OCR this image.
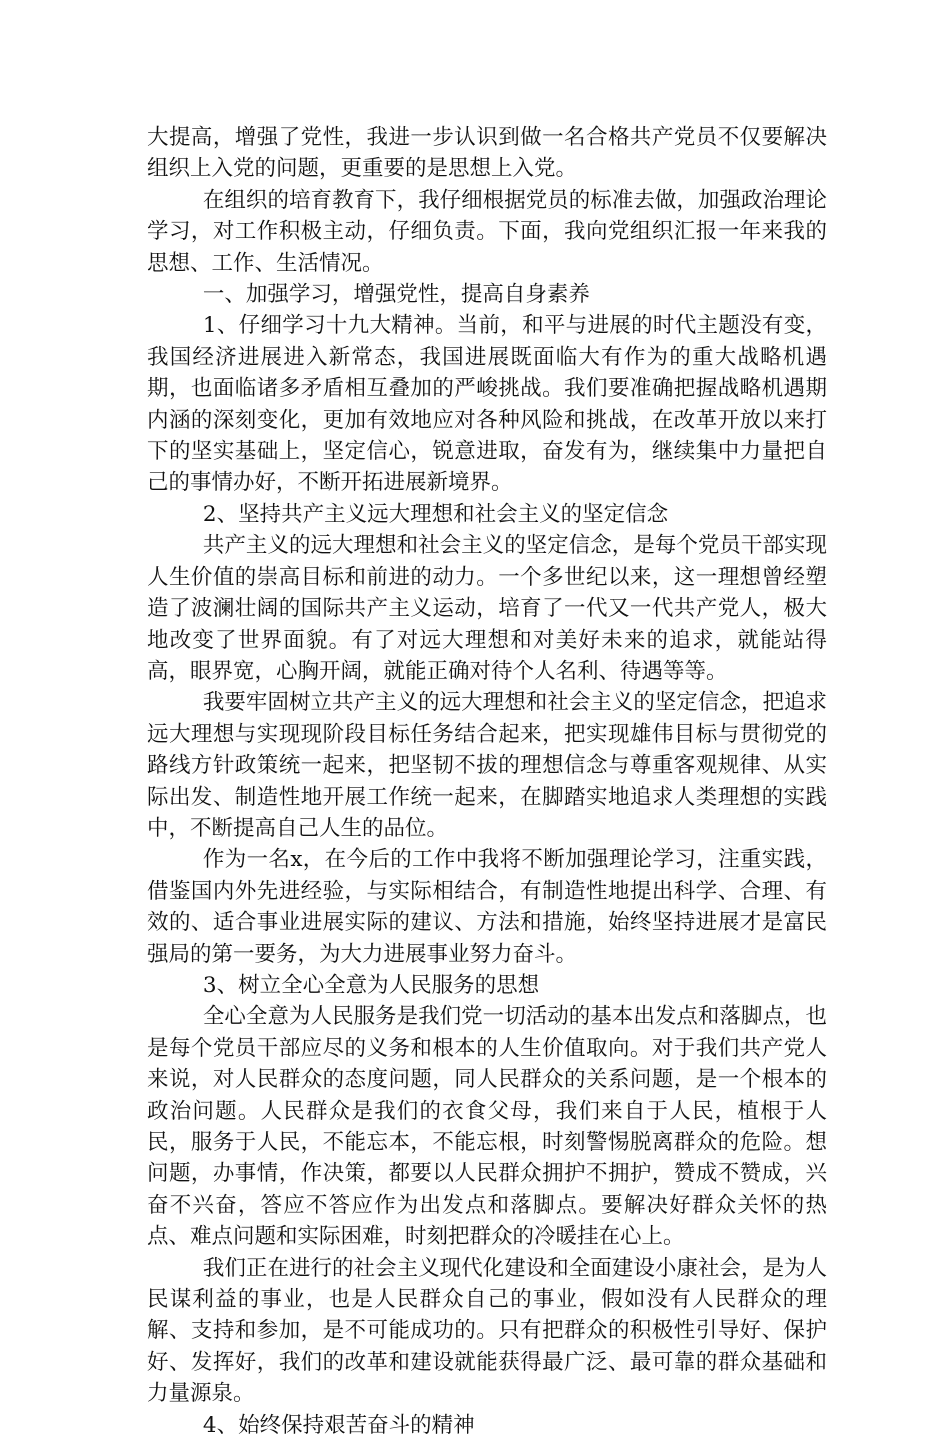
大提高，增强了党性，我进一步认识到做一名合格共产党员不仅要解决组织上入党的问题，更重要的是思想上入党。

在组织的培育教育下，我仔细根据党员的标准去做，加强政治理论学习，对工作积极主动，仔细负责。下面，我向党组织汇报一年来我的思想、工作、生活情况。

一、加强学习，增强党性，提高自身素养

1、仔细学习十九大精神。当前，和平与进展的时代主题没有变，我国经济进展进入新常态，我国进展既面临大有作为的重大战略机遇期，也面临诸多矛盾相互叠加的严峻挑战。我们要准确把握战略机遇期内涵的深刻变化，更加有效地应对各种风险和挑战，在改革开放以来打下的坚实基础上，坚定信心，锐意进取，奋发有为，继续集中力量把自己的事情办好，不断开拓进展新境界。

2、坚持共产主义远大理想和社会主义的坚定信念

共产主义的远大理想和社会主义的坚定信念，是每个党员干部实现人生价值的崇高目标和前进的动力。一个多世纪以来，这一理想曾经塑造了波澜壮阔的国际共产主义运动，培育了一代又一代共产党人，极大地改变了世界面貌。有了对远大理想和对美好未来的追求，就能站得高，眼界宽，心胸开阔，就能正确对待个人名利、待遇等等。

我要牢固树立共产主义的远大理想和社会主义的坚定信念，把追求远大理想与实现现阶段目标任务结合起来，把实现雄伟目标与贯彻党的路线方针政策统一起来，把坚韧不拔的理想信念与尊重客观规律、从实际出发、制造性地开展工作统一起来，在脚踏实地追求人类理想的实践中，不断提高自己人生的品位。

作为一名x，在今后的工作中我将不断加强理论学习，注重实践，借鉴国内外先进经验，与实际相结合，有制造性地提出科学、合理、有效的、适合事业进展实际的建议、方法和措施，始终坚持进展才是富民强局的第一要务，为大力进展事业努力奋斗。

3、树立全心全意为人民服务的思想

全心全意为人民服务是我们党一切活动的基本出发点和落脚点，也是每个党员干部应尽的义务和根本的人生价值取向。对于我们共产党人来说，对人民群众的态度问题，同人民群众的关系问题，是一个根本的政治问题。人民群众是我们的衣食父母，我们来自于人民，植根于人民，服务于人民，不能忘本，不能忘根，时刻警惕脱离群众的危险。想问题，办事情，作决策，都要以人民群众拥护不拥护，赞成不赞成，兴奋不兴奋，答应不答应作为出发点和落脚点。要解决好群众关怀的热点、难点问题和实际困难，时刻把群众的冷暖挂在心上。

我们正在进行的社会主义现代化建设和全面建设小康社会，是为人民谋利益的事业，也是人民群众自己的事业，假如没有人民群众的理解、支持和参加，是不可能成功的。只有把群众的积极性引导好、保护好、发挥好，我们的改革和建设就能获得最广泛、最可靠的群众基础和力量源泉。

4、始终保持艰苦奋斗的精神
